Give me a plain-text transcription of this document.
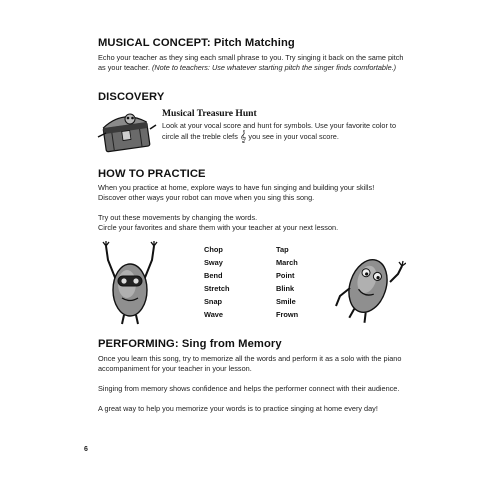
MUSICAL CONCEPT: Pitch Matching

Echo your teacher as they sing each small phrase to you. Try singing it back on the same pitch

as your teacher. (Note to teachers: Use whatever starting pitch the singer finds comfortable.)

DISCOVERY
Musical Treasure Hunt

Look at your vocal score and hunt for symbols. Use your favorite color to

circle all the treble clefs 𝄞 you see in your vocal score.

HOW TO PRACTICE

When you practice at home, explore ways to have fun singing and building your skills!

Discover other ways your robot can move when you sing this song.

Try out these movements by changing the words.

Circle your favorites and share them with your teacher at your next lesson.

Chop
Sway
Bend
Stretch
Snap
Wave
Tap
March
Point
Blink
Smile
Frown
PERFORMING: Sing from Memory

Once you learn this song, try to memorize all the words and perform it as a solo with the piano

accompaniment for your teacher in your lesson.

Singing from memory shows confidence and helps the performer connect with their audience.

A great way to help you memorize your words is to practice singing at home every day!

6
